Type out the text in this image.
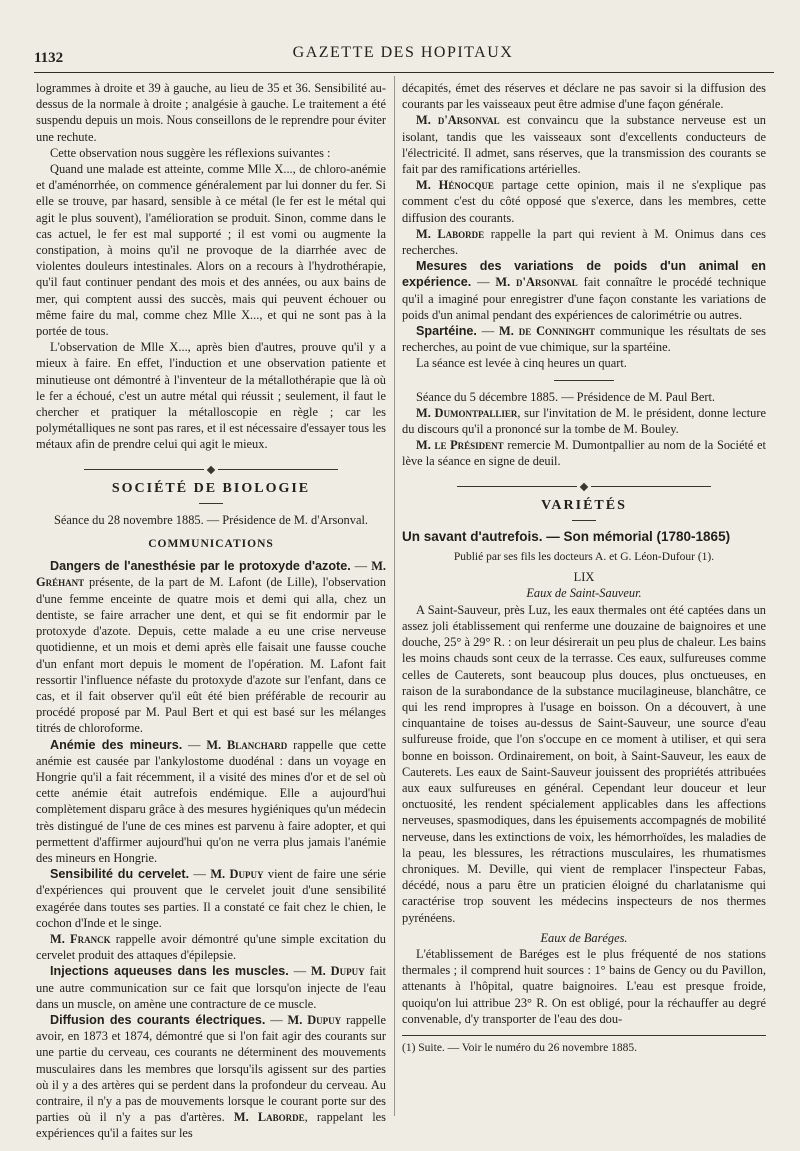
1132	GAZETTE DES HOPITAUX

logrammes à droite et 39 à gauche, au lieu de 35 et 36. Sensibilité au-dessus de la normale à droite ; analgésie à gauche. Le traitement a été suspendu depuis un mois. Nous conseillons de le reprendre pour éviter une rechute.

Cette observation nous suggère les réflexions suivantes :

Quand une malade est atteinte, comme Mlle X..., de chloro-anémie et d'aménorrhée, on commence généralement par lui donner du fer. Si elle se trouve, par hasard, sensible à ce métal (le fer est le métal qui agit le plus souvent), l'amélioration se produit. Sinon, comme dans le cas actuel, le fer est mal supporté ; il est vomi ou augmente la constipation, à moins qu'il ne provoque de la diarrhée avec de violentes douleurs intestinales. Alors on a recours à l'hydrothérapie, qu'il faut continuer pendant des mois et des années, ou aux bains de mer, qui comptent aussi des succès, mais qui peuvent échouer ou même faire du mal, comme chez Mlle X..., et qui ne sont pas à la portée de tous.

L'observation de Mlle X..., après bien d'autres, prouve qu'il y a mieux à faire. En effet, l'induction et une observation patiente et minutieuse ont démontré à l'inventeur de la métallothérapie que là où le fer a échoué, c'est un autre métal qui réussit ; seulement, il faut le chercher et pratiquer la métalloscopie en règle ; car les polymétalliques ne sont pas rares, et il est nécessaire d'essayer tous les métaux afin de prendre celui qui agit le mieux.

SOCIÉTÉ DE BIOLOGIE

Séance du 28 novembre 1885. — Présidence de M. d'Arsonval.

COMMUNICATIONS

Dangers de l'anesthésie par le protoxyde d'azote. — M. Gréhant présente, de la part de M. Lafont (de Lille), l'observation d'une femme enceinte de quatre mois et demi qui alla, chez un dentiste, se faire arracher une dent, et qui se fit endormir par le protoxyde d'azote. Depuis, cette malade a eu une crise nerveuse quotidienne, et un mois et demi après elle faisait une fausse couche d'un enfant mort depuis le moment de l'opération. M. Lafont fait ressortir l'influence néfaste du protoxyde d'azote sur l'enfant, dans ce cas, et il fait observer qu'il eût été bien préférable de recourir au procédé proposé par M. Paul Bert et qui est basé sur les mélanges titrés de chloroforme.

Anémie des mineurs. — M. Blanchard rappelle que cette anémie est causée par l'ankylostome duodénal : dans un voyage en Hongrie qu'il a fait récemment, il a visité des mines d'or et de sel où cette anémie était autrefois endémique. Elle a aujourd'hui complètement disparu grâce à des mesures hygiéniques qu'un médecin très distingué de l'une de ces mines est parvenu à faire adopter, et qui permettent d'affirmer aujourd'hui qu'on ne verra plus jamais l'anémie des mineurs en Hongrie.

Sensibilité du cervelet. — M. Dupuy vient de faire une série d'expériences qui prouvent que le cervelet jouit d'une sensibilité exagérée dans toutes ses parties. Il a constaté ce fait chez le chien, le cochon d'Inde et le singe.

M. Franck rappelle avoir démontré qu'une simple excitation du cervelet produit des attaques d'épilepsie.

Injections aqueuses dans les muscles. — M. Dupuy fait une autre communication sur ce fait que lorsqu'on injecte de l'eau dans un muscle, on amène une contracture de ce muscle.

Diffusion des courants électriques. — M. Dupuy rappelle avoir, en 1873 et 1874, démontré que si l'on fait agir des courants sur une partie du cerveau, ces courants ne déterminent des mouvements musculaires dans les membres que lorsqu'ils agissent sur des parties où il y a des artères qui se perdent dans la profondeur du cerveau. Au contraire, il n'y a pas de mouvements lorsque le courant porte sur des parties où il n'y a pas d'artères. M. Laborde, rappelant les expériences qu'il a faites sur les

décapités, émet des réserves et déclare ne pas savoir si la diffusion des courants par les vaisseaux peut être admise d'une façon générale.

M. d'Arsonval est convaincu que la substance nerveuse est un isolant, tandis que les vaisseaux sont d'excellents conducteurs de l'électricité. Il admet, sans réserves, que la transmission des courants se fait par des ramifications artérielles.

M. Hénocque partage cette opinion, mais il ne s'explique pas comment c'est du côté opposé que s'exerce, dans les membres, cette diffusion des courants.

M. Laborde rappelle la part qui revient à M. Onimus dans ces recherches.

Mesures des variations de poids d'un animal en expérience. — M. d'Arsonval fait connaître le procédé technique qu'il a imaginé pour enregistrer d'une façon constante les variations de poids d'un animal pendant des expériences de calorimétrie ou autres.

Spartéine. — M. de Conninght communique les résultats de ses recherches, au point de vue chimique, sur la spartéine.

La séance est levée à cinq heures un quart.

Séance du 5 décembre 1885. — Présidence de M. Paul Bert.

M. Dumontpallier, sur l'invitation de M. le président, donne lecture du discours qu'il a prononcé sur la tombe de M. Bouley.

M. le Président remercie M. Dumontpallier au nom de la Société et lève la séance en signe de deuil.

VARIÉTÉS

Un savant d'autrefois. — Son mémorial (1780-1865)

Publié par ses fils les docteurs A. et G. Léon-Dufour (1).

LIX

Eaux de Saint-Sauveur.

A Saint-Sauveur, près Luz, les eaux thermales ont été captées dans un assez joli établissement qui renferme une douzaine de baignoires et une douche, 25° à 29° R. : on leur désirerait un peu plus de chaleur. Les bains les moins chauds sont ceux de la terrasse. Ces eaux, sulfureuses comme celles de Cauterets, sont beaucoup plus douces, plus onctueuses, en raison de la surabondance de la substance mucilagineuse, blanchâtre, ce qui les rend impropres à l'usage en boisson. On a découvert, à une cinquantaine de toises au-dessus de Saint-Sauveur, une source d'eau sulfureuse froide, que l'on s'occupe en ce moment à utiliser, et qui sera bonne en boisson. Ordinairement, on boit, à Saint-Sauveur, les eaux de Cauterets. Les eaux de Saint-Sauveur jouissent des propriétés attribuées aux eaux sulfureuses en général. Cependant leur douceur et leur onctuosité, les rendent spécialement applicables dans les affections nerveuses, spasmodiques, dans les épuisements accompagnés de mobilité nerveuse, dans les extinctions de voix, les hémorrhoïdes, les maladies de la peau, les blessures, les rétractions musculaires, les rhumatismes chroniques. M. Deville, qui vient de remplacer l'inspecteur Fabas, décédé, nous a paru être un praticien éloigné du charlatanisme qui caractérise trop souvent les médecins inspecteurs de nos thermes pyrénéens.

Eaux de Baréges.

L'établissement de Baréges est le plus fréquenté de nos stations thermales ; il comprend huit sources : 1° bains de Gency ou du Pavillon, attenants à l'hôpital, quatre baignoires. L'eau est presque froide, quoiqu'on lui attribue 23° R. On est obligé, pour la réchauffer au degré convenable, d'y transporter de l'eau des dou-

(1) Suite. — Voir le numéro du 26 novembre 1885.
